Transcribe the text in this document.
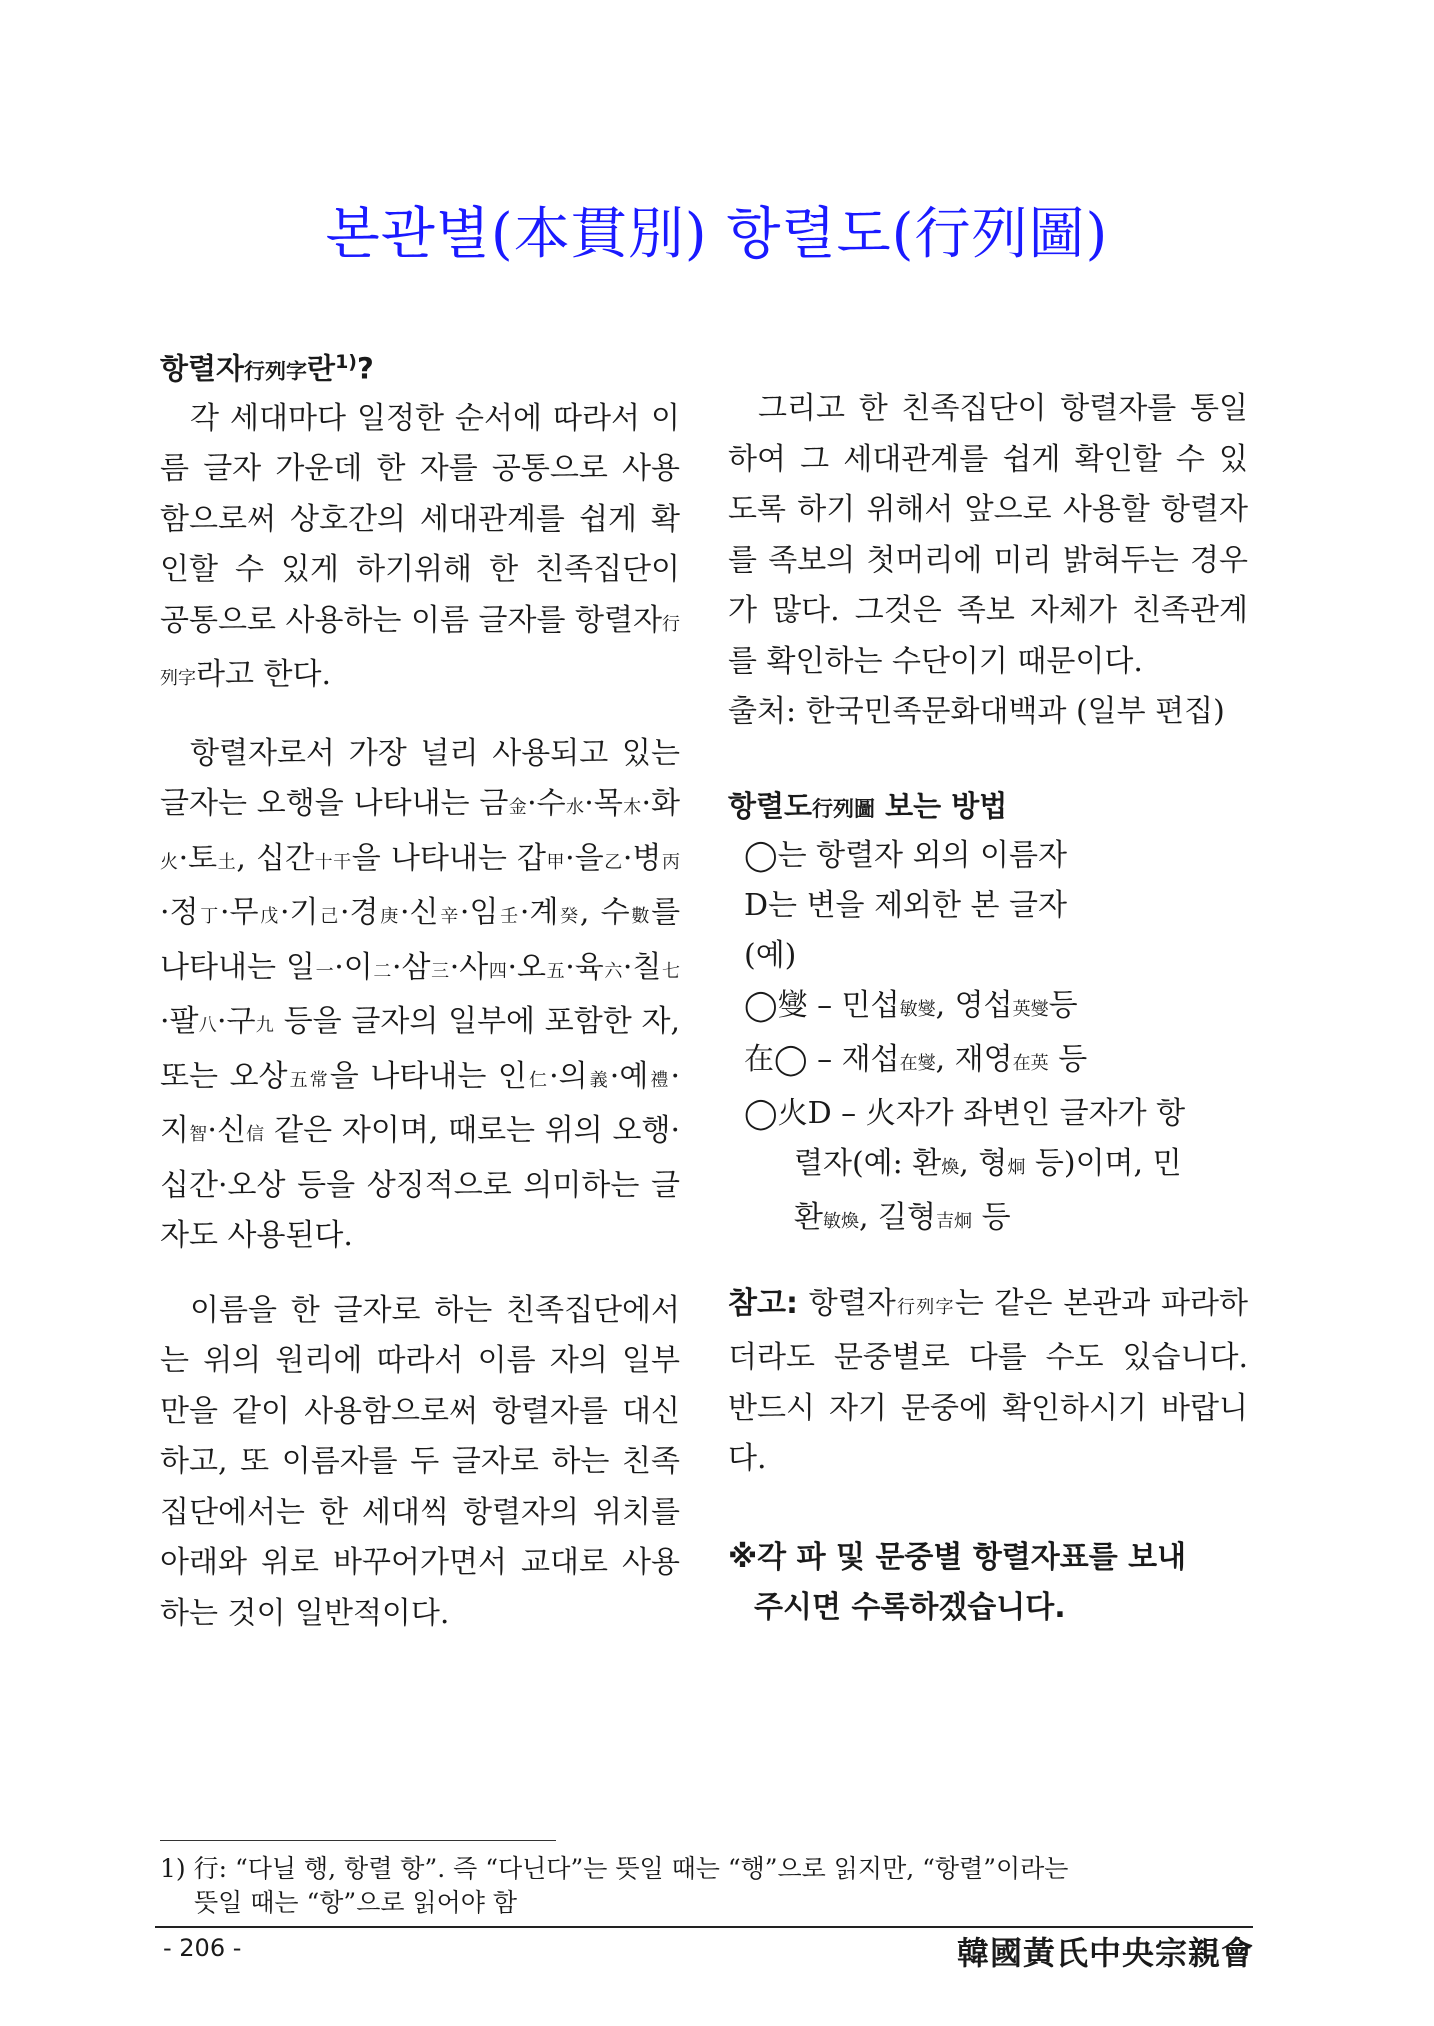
본관별(本貫別) 항렬도(行列圖)
항렬자行列字란$^{1)}$?

각 세대마다 일정한 순서에 따라서 이름 글자 가운데 한 자를 공통으로 사용함으로써 상호간의 세대관계를 쉽게 확인할 수 있게 하기위해 한 친족집단이 공통으로 사용하는 이름 글자를 항렬자行列字라고 한다.

항렬자로서 가장 널리 사용되고 있는 글자는 오행을 나타내는 금金·수水·목木·화火·토土, 십간十干을 나타내는 갑甲·을乙·병丙·정丁·무戊·기己·경庚·신辛·임壬·계癸, 수數를 나타내는 일一·이二·삼三·사四·오五·육六·칠七·팔八·구九 등을 글자의 일부에 포함한 자, 또는 오상五常을 나타내는 인仁·의義·예禮·지智·신信 같은 자이며, 때로는 위의 오행·십간·오상 등을 상징적으로 의미하는 글자도 사용된다.

이름을 한 글자로 하는 친족집단에서는 위의 원리에 따라서 이름 자의 일부만을 같이 사용함으로써 항렬자를 대신하고, 또 이름자를 두 글자로 하는 친족집단에서는 한 세대씩 항렬자의 위치를아래와 위로 바꾸어가면서 교대로 사용하는 것이 일반적이다.

그리고 한 친족집단이 항렬자를 통일하여 그 세대관계를 쉽게 확인할 수 있도록 하기 위해서 앞으로 사용할 항렬자를 족보의 첫머리에 미리 밝혀두는 경우가 많다. 그것은 족보 자체가 친족관계를 확인하는 수단이기 때문이다.

출처: 한국민족문화대백과 (일부 편집)

항렬도行列圖 보는 방법
◯는 항렬자 외의 이름자
D는 변을 제외한 본 글자
(예)
◯燮 – 민섭敏燮, 영섭英燮등
在◯ – 재섭在燮, 재영在英 등
◯火D – 火자가 좌변인 글자가 항
렬자(예: 환煥, 형炯 등)이며, 민
환敏煥, 길형吉炯 등

참고: 항렬자行列字는 같은 본관과 파라하더라도 문중별로 다를 수도 있습니다. 반드시 자기 문중에 확인하시기 바랍니다.

※각 파 및 문중별 항렬자표를 보내
주시면 수록하겠습니다.
1) 行: “다닐 행, 항렬 항”. 즉 “다닌다”는 뜻일 때는 “행”으로 읽지만, “항렬”이라는
뜻일 때는 “항”으로 읽어야 함
- 206 -	韓國黃氏中央宗親會
